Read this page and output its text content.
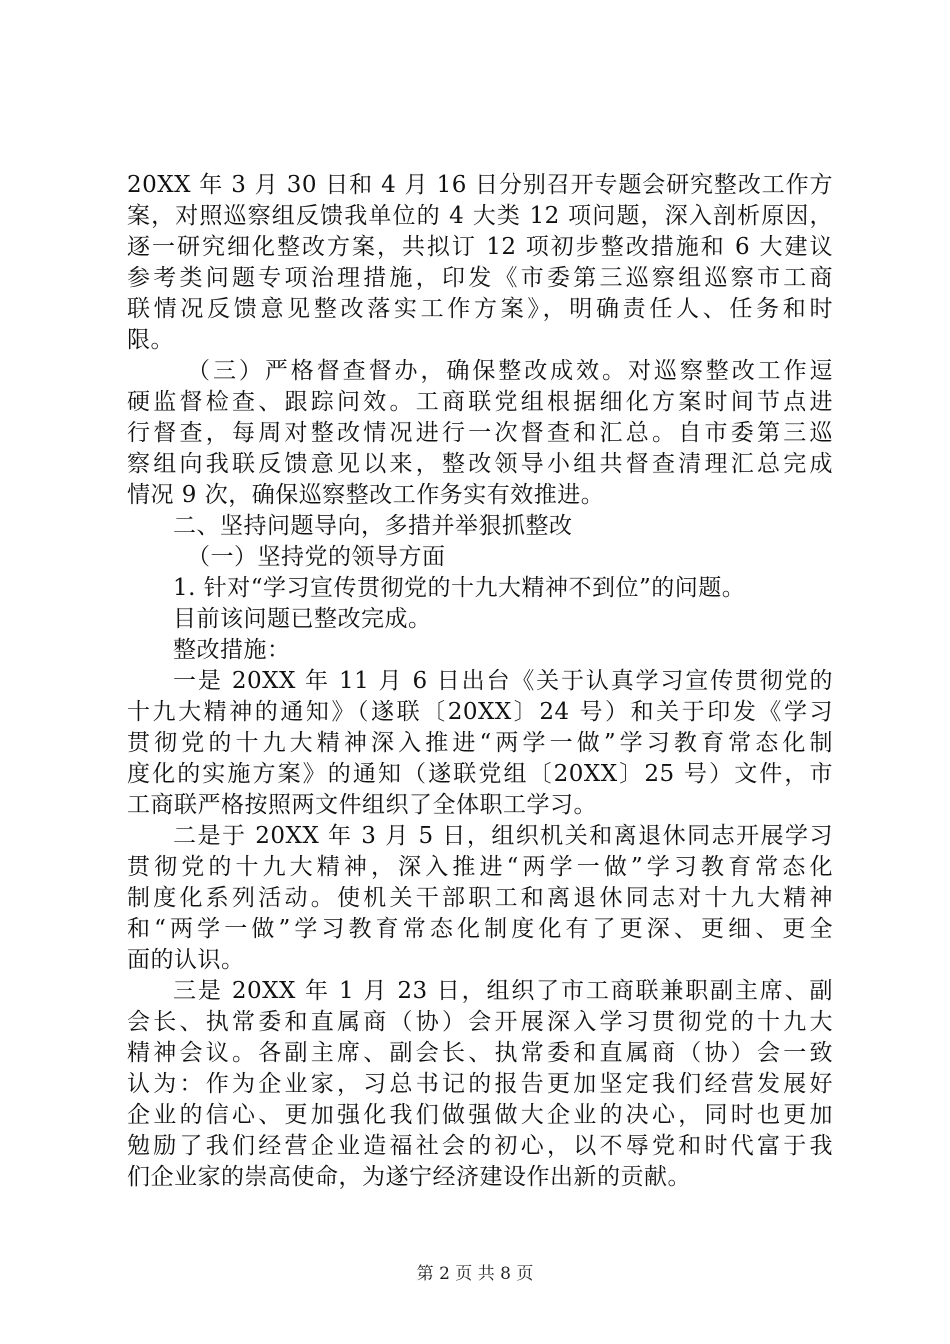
20XX 年 3 月 30 日和 4 月 16 日分别召开专题会研究整改工作方
案，对照巡察组反馈我单位的 4 大类 12 项问题，深入剖析原因，
逐一研究细化整改方案，共拟订 12 项初步整改措施和 6 大建议
参考类问题专项治理措施，印发《市委第三巡察组巡察市工商
联情况反馈意见整改落实工作方案》，明确责任人、任务和时
限。
（三）严格督查督办，确保整改成效。对巡察整改工作逗
硬监督检查、跟踪问效。工商联党组根据细化方案时间节点进
行督查，每周对整改情况进行一次督查和汇总。自市委第三巡
察组向我联反馈意见以来，整改领导小组共督查清理汇总完成
情况 9 次，确保巡察整改工作务实有效推进。
二、坚持问题导向，多措并举狠抓整改
（一）坚持党的领导方面
1. 针对“学习宣传贯彻党的十九大精神不到位”的问题。
目前该问题已整改完成。
整改措施：
一是 20XX 年 11 月 6 日出台《关于认真学习宣传贯彻党的
十九大精神的通知》（遂联〔20XX〕24 号）和关于印发《学习
贯彻党的十九大精神深入推进“两学一做”学习教育常态化制
度化的实施方案》的通知（遂联党组〔20XX〕25 号）文件，市
工商联严格按照两文件组织了全体职工学习。
二是于 20XX 年 3 月 5 日，组织机关和离退休同志开展学习
贯彻党的十九大精神，深入推进“两学一做”学习教育常态化
制度化系列活动。使机关干部职工和离退休同志对十九大精神
和“两学一做”学习教育常态化制度化有了更深、更细、更全
面的认识。
三是 20XX 年 1 月 23 日，组织了市工商联兼职副主席、副
会长、执常委和直属商（协）会开展深入学习贯彻党的十九大
精神会议。各副主席、副会长、执常委和直属商（协）会一致
认为：作为企业家，习总书记的报告更加坚定我们经营发展好
企业的信心、更加强化我们做强做大企业的决心，同时也更加
勉励了我们经营企业造福社会的初心，以不辱党和时代富于我
们企业家的崇高使命，为遂宁经济建设作出新的贡献。
第 2 页 共 8 页
